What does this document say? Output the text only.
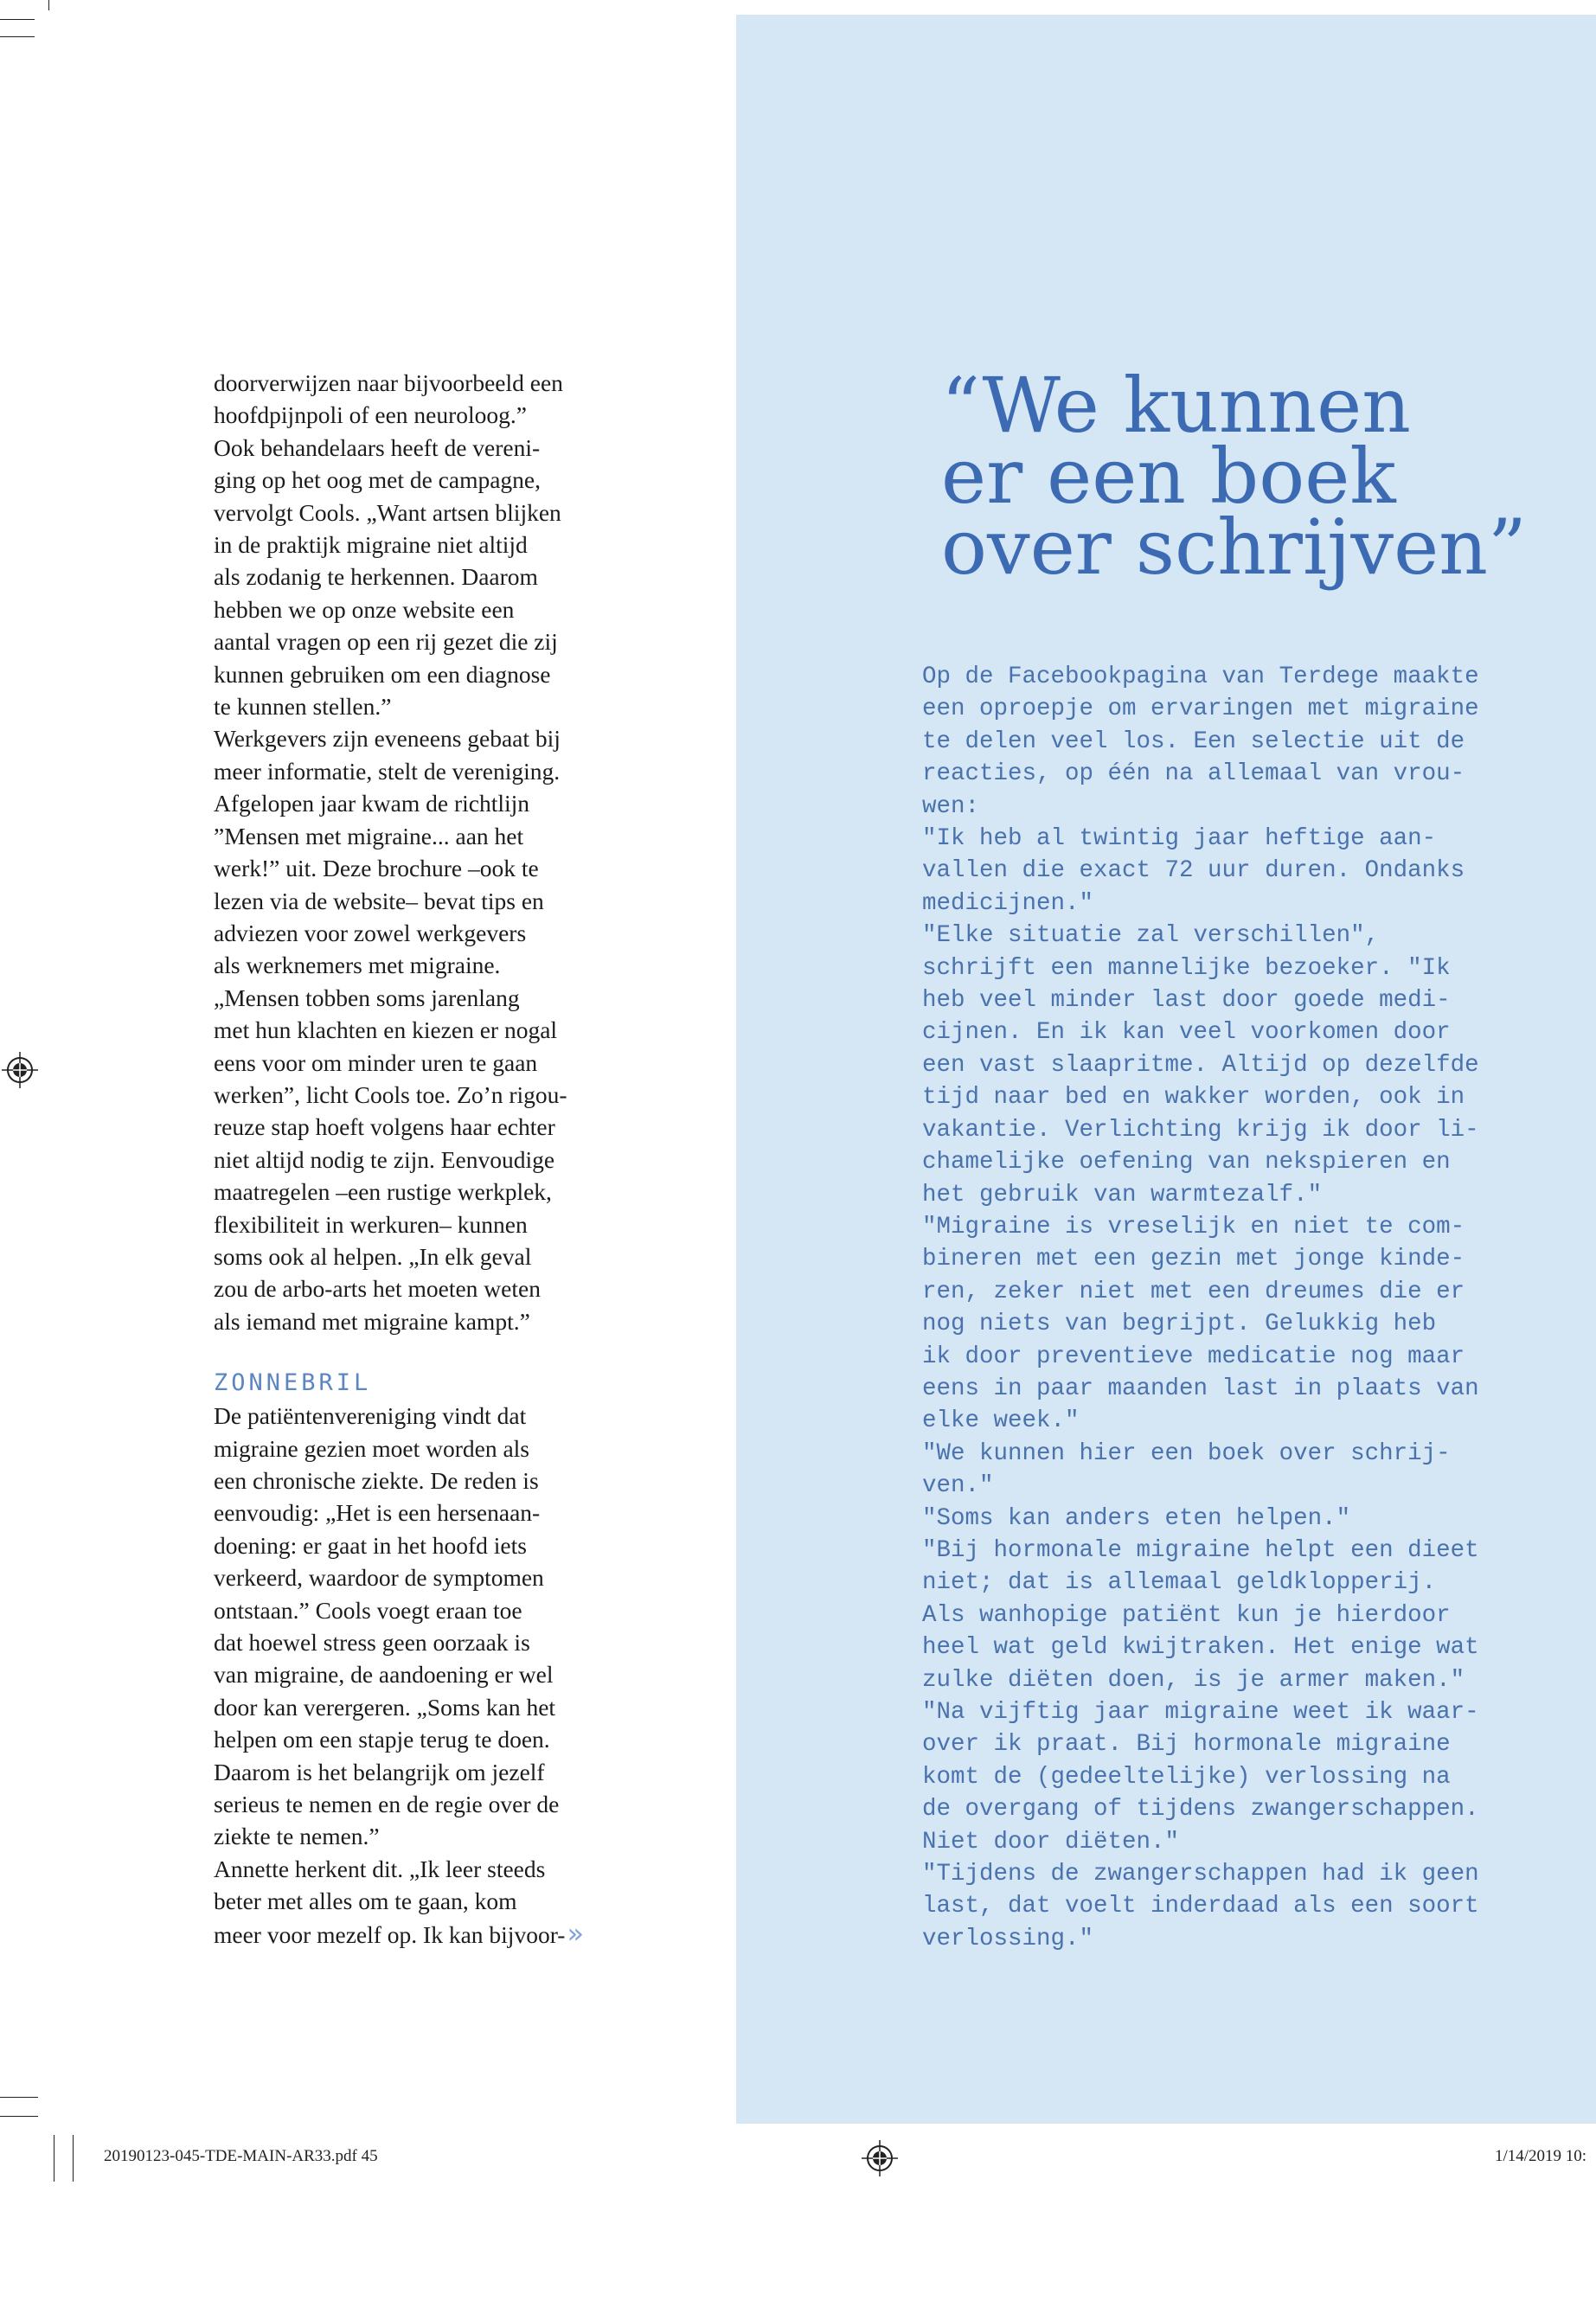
doorverwijzen naar bijvoorbeeld een

hoofdpijnpoli of een neuroloog.”

Ook behandelaars heeft de vereni-

ging op het oog met de campagne,

vervolgt Cools. „Want artsen blijken

in de praktijk migraine niet altijd

als zodanig te herkennen. Daarom

hebben we op onze website een

aantal vragen op een rij gezet die zij

kunnen gebruiken om een diagnose

te kunnen stellen.”

Werkgevers zijn eveneens gebaat bij

meer informatie, stelt de vereniging.

Afgelopen jaar kwam de richtlijn

”Mensen met migraine... aan het

werk!” uit. Deze brochure –ook te

lezen via de website– bevat tips en

adviezen voor zowel werkgevers

als werknemers met migraine.

„Mensen tobben soms jarenlang

met hun klachten en kiezen er nogal

eens voor om minder uren te gaan

werken”, licht Cools toe. Zo’n rigou-

reuze stap hoeft volgens haar echter

niet altijd nodig te zijn. Eenvoudige

maatregelen –een rustige werkplek,

flexibiliteit in werkuren– kunnen

soms ook al helpen. „In elk geval

zou de arbo-arts het moeten weten

als iemand met migraine kampt.”

ZONNEBRIL

De patiëntenvereniging vindt dat

migraine gezien moet worden als

een chronische ziekte. De reden is

eenvoudig: „Het is een hersenaan-

doening: er gaat in het hoofd iets

verkeerd, waardoor de symptomen

ontstaan.” Cools voegt eraan toe

dat hoewel stress geen oorzaak is

van migraine, de aandoening er wel

door kan verergeren. „Soms kan het

helpen om een stapje terug te doen.

Daarom is het belangrijk om jezelf

serieus te nemen en de regie over de

ziekte te nemen.”

Annette herkent dit. „Ik leer steeds

beter met alles om te gaan, kom

meer voor mezelf op. Ik kan bijvoor-»

“We kunnen
er een boek
over schrijven”

Op de Facebookpagina van Terdege maakte

een oproepje om ervaringen met migraine

te delen veel los. Een selectie uit de

reacties, op één na allemaal van vrou-

wen:

"Ik heb al twintig jaar heftige aan-

vallen die exact 72 uur duren. Ondanks

medicijnen."

"Elke situatie zal verschillen",

schrijft een mannelijke bezoeker. "Ik

heb veel minder last door goede medi-

cijnen. En ik kan veel voorkomen door

een vast slaapritme. Altijd op dezelfde

tijd naar bed en wakker worden, ook in

vakantie. Verlichting krijg ik door li-

chamelijke oefening van nekspieren en

het gebruik van warmtezalf."

"Migraine is vreselijk en niet te com-

bineren met een gezin met jonge kinde-

ren, zeker niet met een dreumes die er

nog niets van begrijpt. Gelukkig heb

ik door preventieve medicatie nog maar

eens in paar maanden last in plaats van

elke week."

"We kunnen hier een boek over schrij-

ven."

"Soms kan anders eten helpen."

"Bij hormonale migraine helpt een dieet

niet; dat is allemaal geldklopperij.

Als wanhopige patiënt kun je hierdoor

heel wat geld kwijtraken. Het enige wat

zulke diëten doen, is je armer maken."

"Na vijftig jaar migraine weet ik waar-

over ik praat. Bij hormonale migraine

komt de (gedeeltelijke) verlossing na

de overgang of tijdens zwangerschappen.

Niet door diëten."

"Tijdens de zwangerschappen had ik geen

last, dat voelt inderdaad als een soort

verlossing."

20190123-045-TDE-MAIN-AR33.pdf 45	1/14/2019 10:
